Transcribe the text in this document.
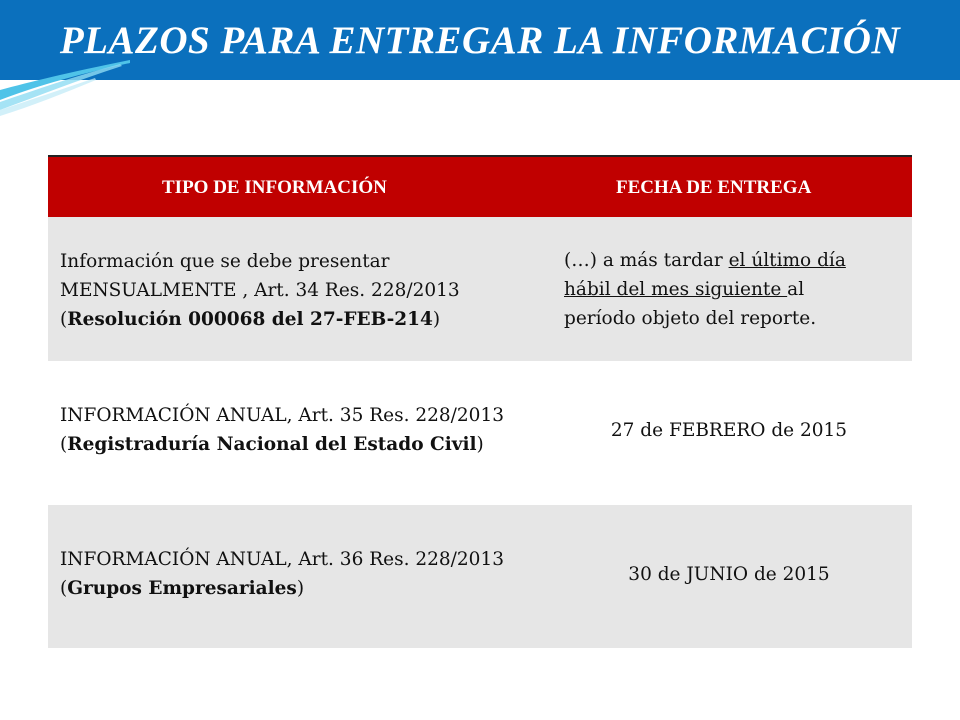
PLAZOS PARA ENTREGAR LA INFORMACIÓN
TIPO DE INFORMACIÓN	FECHA DE ENTREGA
Información que se debe presentar
MENSUALMENTE , Art. 34 Res. 228/2013
(Resolución 000068 del 27-FEB-214)
(…) a más tardar el último día
hábil del mes siguiente al
período objeto del reporte.
INFORMACIÓN ANUAL, Art. 35 Res. 228/2013
(Registraduría Nacional del Estado Civil)
27 de FEBRERO de 2015
INFORMACIÓN ANUAL, Art. 36 Res. 228/2013
(Grupos Empresariales)
30 de JUNIO de 2015
